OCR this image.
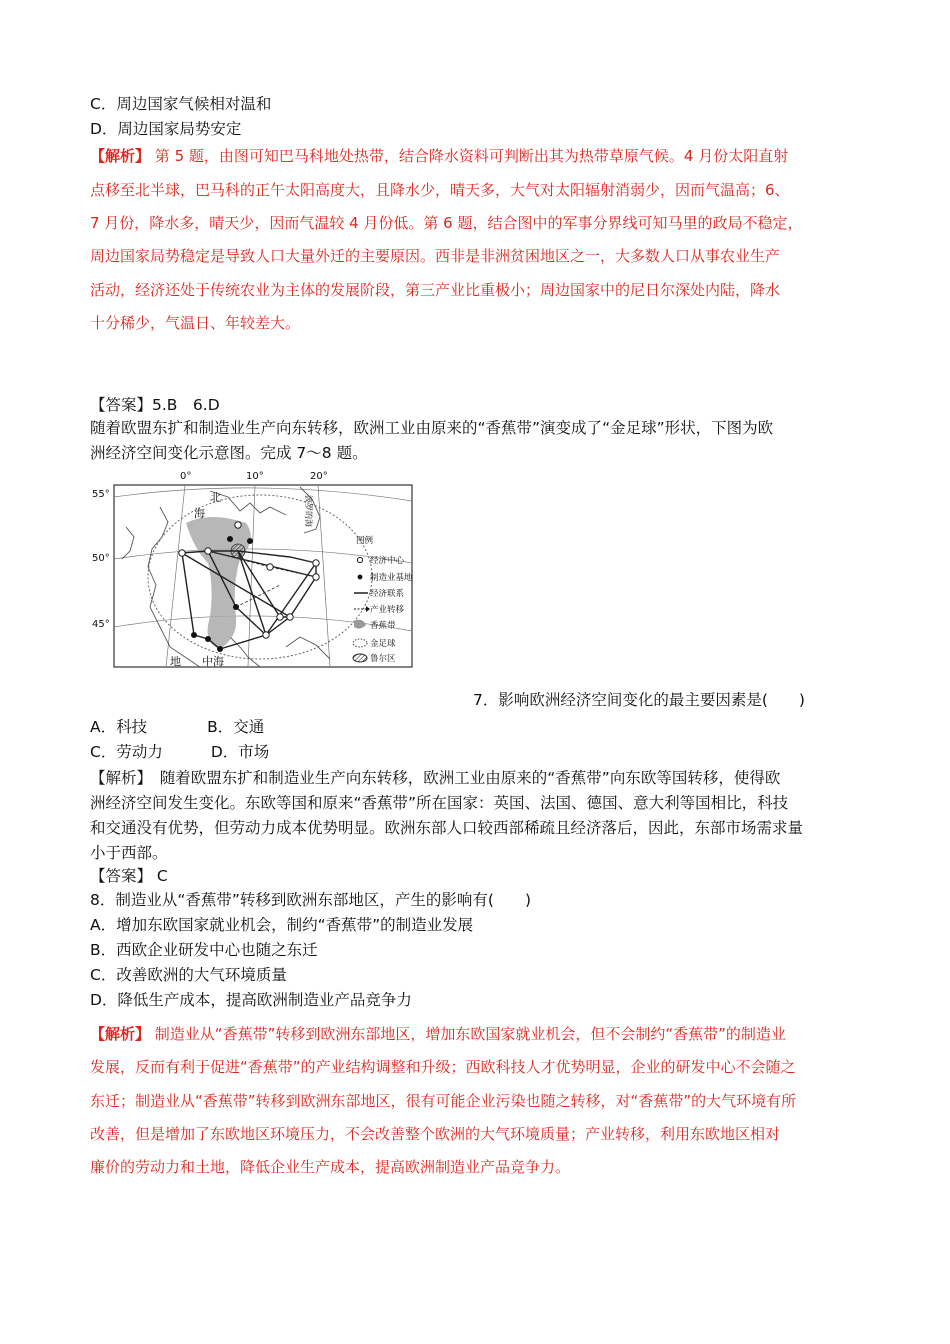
C．周边国家气候相对温和
D．周边国家局势安定
【解析】 第 5 题，由图可知巴马科地处热带，结合降水资料可判断出其为热带草原气候。4 月份太阳直射
点移至北半球，巴马科的正午太阳高度大，且降水少，晴天多，大气对太阳辐射消弱少，因而气温高；6、
7 月份，降水多，晴天少，因而气温较 4 月份低。第 6 题，结合图中的军事分界线可知马里的政局不稳定，
周边国家局势稳定是导致人口大量外迁的主要原因。西非是非洲贫困地区之一，大多数人口从事农业生产
活动，经济还处于传统农业为主体的发展阶段，第三产业比重极小；周边国家中的尼日尔深处内陆，降水
十分稀少，气温日、年较差大。
【答案】5.B　6.D
随着欧盟东扩和制造业生产向东转移，欧洲工业由原来的“香蕉带”演变成了“金足球”形状，下图为欧
洲经济空间变化示意图。完成 7～8 题。
0°	10°	20°
55°
50°
45°
北
海
地 中海
波罗的海
图例
经济中心
制造业基地
经济联系
产业转移
香蕉带
金足球
鲁尔区
7．影响欧洲经济空间变化的最主要因素是(　　)
A．科技	B．交通
C．劳动力	D．市场
【解析】　随着欧盟东扩和制造业生产向东转移，欧洲工业由原来的“香蕉带”向东欧等国转移，使得欧
洲经济空间发生变化。东欧等国和原来“香蕉带”所在国家：英国、法国、德国、意大利等国相比，科技
和交通没有优势，但劳动力成本优势明显。欧洲东部人口较西部稀疏且经济落后，因此，东部市场需求量
小于西部。
【答案】 C
8．制造业从“香蕉带”转移到欧洲东部地区，产生的影响有(　　)
A．增加东欧国家就业机会，制约“香蕉带”的制造业发展
B．西欧企业研发中心也随之东迁
C．改善欧洲的大气环境质量
D．降低生产成本，提高欧洲制造业产品竞争力
【解析】 制造业从“香蕉带”转移到欧洲东部地区，增加东欧国家就业机会，但不会制约“香蕉带”的制造业
发展，反而有利于促进“香蕉带”的产业结构调整和升级；西欧科技人才优势明显，企业的研发中心不会随之
东迁；制造业从“香蕉带”转移到欧洲东部地区，很有可能企业污染也随之转移，对“香蕉带”的大气环境有所
改善，但是增加了东欧地区环境压力，不会改善整个欧洲的大气环境质量；产业转移，利用东欧地区相对
廉价的劳动力和土地，降低企业生产成本，提高欧洲制造业产品竞争力。
